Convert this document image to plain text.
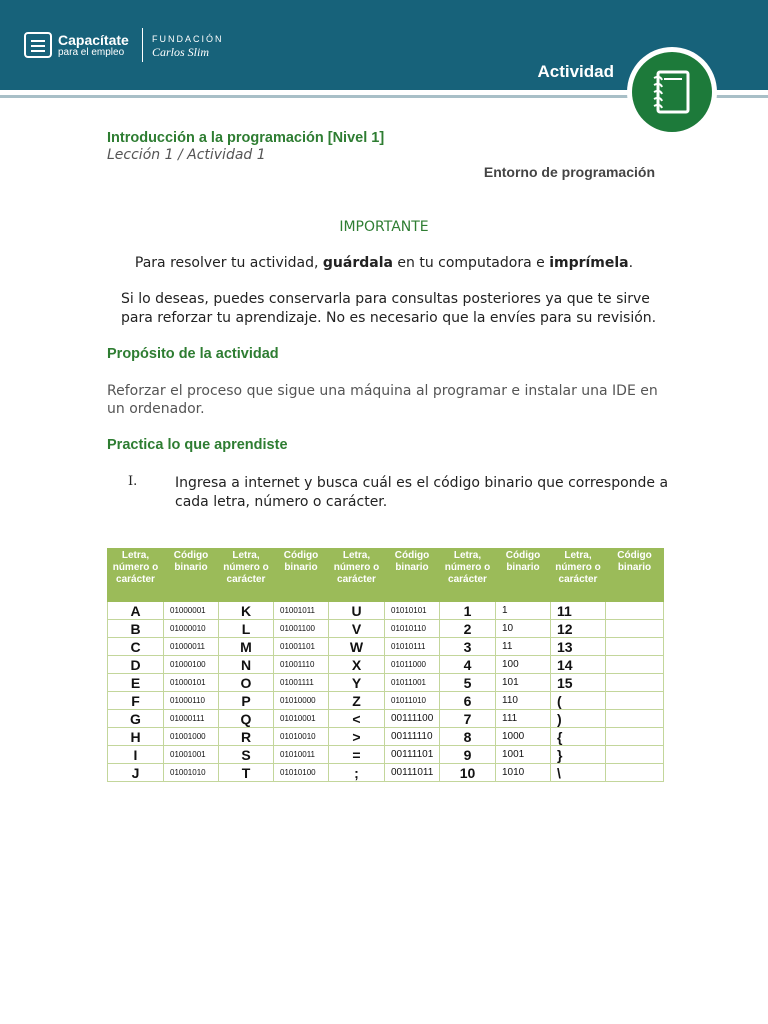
Capacítate
para el empleo
FUNDACIÓN
Carlos Slim
Actividad
Introducción a la programación [Nivel 1]
Lección 1 / Actividad 1
Entorno de programación
IMPORTANTE
Para resolver tu actividad, guárdala en tu computadora e imprímela.
Si lo deseas, puedes conservarla para consultas posteriores ya que te sirve para reforzar tu aprendizaje. No es necesario que la envíes para su revisión.
Propósito de la actividad
Reforzar el proceso que sigue una máquina al programar e instalar una IDE en un ordenador.
Practica lo que aprendiste
I.	Ingresa a internet y busca cuál es el código binario que corresponde a cada letra, número o carácter.
Letra, número o carácter	Código binario	Letra, número o carácter	Código binario	Letra, número o carácter	Código binario	Letra, número o carácter	Código binario	Letra, número o carácter	Código binario
A	01000001	K	01001011	U	01010101	1	1	11	
B	01000010	L	01001100	V	01010110	2	10	12	
C	01000011	M	01001101	W	01010111	3	11	13	
D	01000100	N	01001110	X	01011000	4	100	14	
E	01000101	O	01001111	Y	01011001	5	101	15	
F	01000110	P	01010000	Z	01011010	6	110	(	
G	01000111	Q	01010001	<	00111100	7	111	)	
H	01001000	R	01010010	>	00111110	8	1000	{	
I	01001001	S	01010011	=	00111101	9	1001	}	
J	01001010	T	01010100	;	00111011	10	1010	\	
